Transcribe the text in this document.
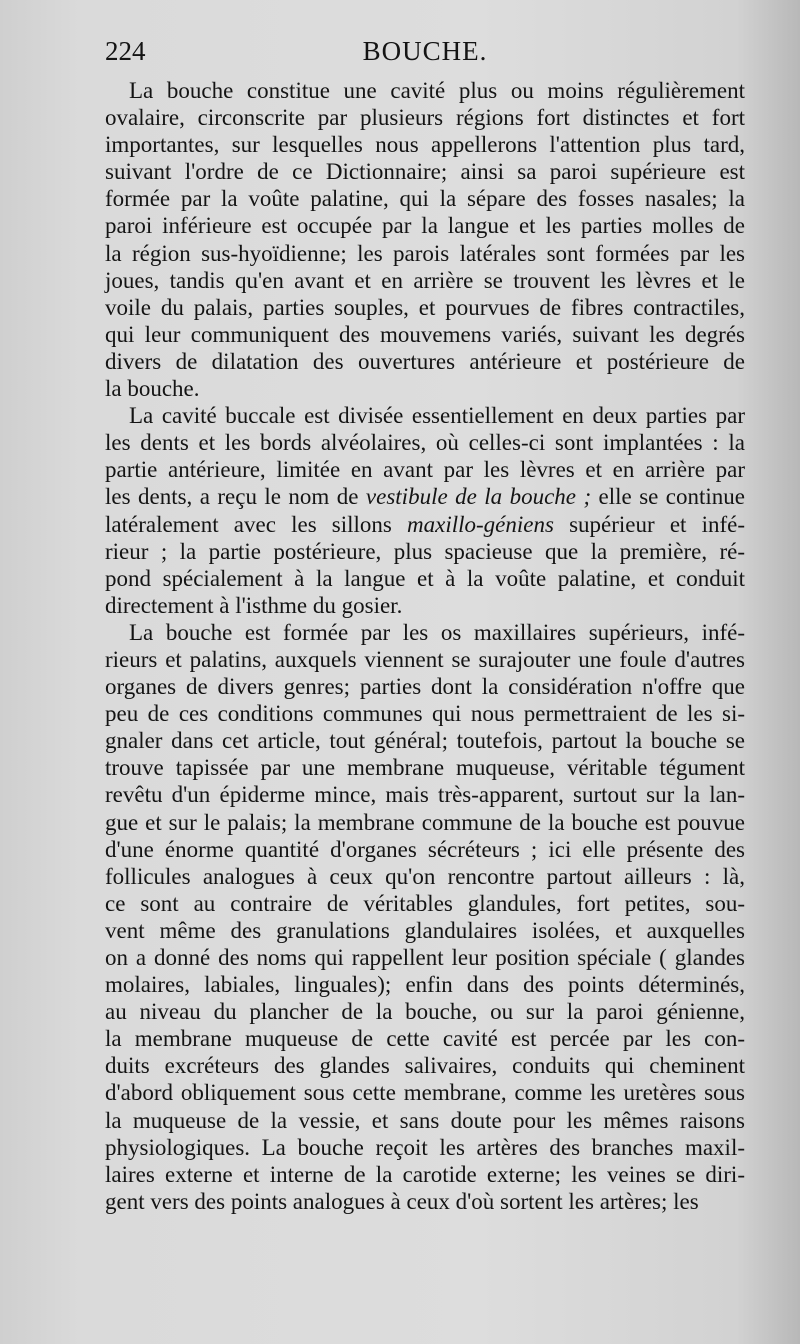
224	BOUCHE.
La bouche constitue une cavité plus ou moins régulièrement
ovalaire, circonscrite par plusieurs régions fort distinctes et fort
importantes, sur lesquelles nous appellerons l'attention plus tard,
suivant l'ordre de ce Dictionnaire; ainsi sa paroi supérieure est
formée par la voûte palatine, qui la sépare des fosses nasales; la
paroi inférieure est occupée par la langue et les parties molles de
la région sus-hyoïdienne; les parois latérales sont formées par les
joues, tandis qu'en avant et en arrière se trouvent les lèvres et le
voile du palais, parties souples, et pourvues de fibres contractiles,
qui leur communiquent des mouvemens variés, suivant les degrés
divers de dilatation des ouvertures antérieure et postérieure de
la bouche.
La cavité buccale est divisée essentiellement en deux parties par
les dents et les bords alvéolaires, où celles-ci sont implantées : la
partie antérieure, limitée en avant par les lèvres et en arrière par
les dents, a reçu le nom de vestibule de la bouche ; elle se continue
latéralement avec les sillons maxillo-géniens supérieur et infé-
rieur ; la partie postérieure, plus spacieuse que la première, ré-
pond spécialement à la langue et à la voûte palatine, et conduit
directement à l'isthme du gosier.
La bouche est formée par les os maxillaires supérieurs, infé-
rieurs et palatins, auxquels viennent se surajouter une foule d'autres
organes de divers genres; parties dont la considération n'offre que
peu de ces conditions communes qui nous permettraient de les si-
gnaler dans cet article, tout général; toutefois, partout la bouche se
trouve tapissée par une membrane muqueuse, véritable tégument
revêtu d'un épiderme mince, mais très-apparent, surtout sur la lan-
gue et sur le palais; la membrane commune de la bouche est pouvue
d'une énorme quantité d'organes sécréteurs ; ici elle présente des
follicules analogues à ceux qu'on rencontre partout ailleurs : là,
ce sont au contraire de véritables glandules, fort petites, sou-
vent même des granulations glandulaires isolées, et auxquelles
on a donné des noms qui rappellent leur position spéciale ( glandes
molaires, labiales, linguales); enfin dans des points déterminés,
au niveau du plancher de la bouche, ou sur la paroi génienne,
la membrane muqueuse de cette cavité est percée par les con-
duits excréteurs des glandes salivaires, conduits qui cheminent
d'abord obliquement sous cette membrane, comme les uretères sous
la muqueuse de la vessie, et sans doute pour les mêmes raisons
physiologiques. La bouche reçoit les artères des branches maxil-
laires externe et interne de la carotide externe; les veines se diri-
gent vers des points analogues à ceux d'où sortent les artères; les
